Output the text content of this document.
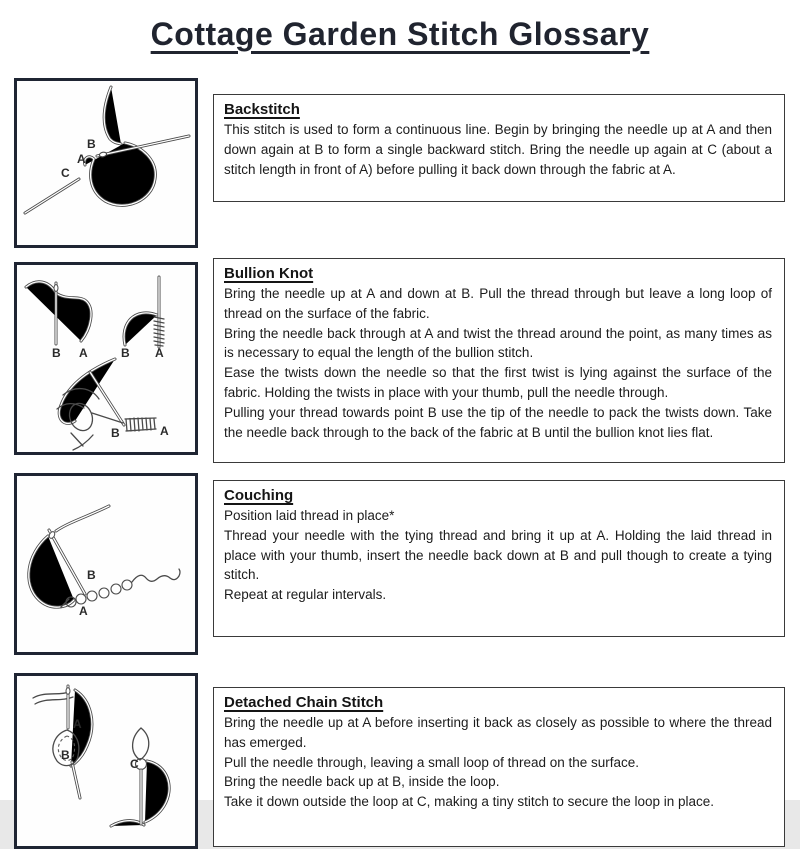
Cottage Garden Stitch Glossary
B
A
C
Backstitch

This stitch is used to form a continuous line. Begin by bringing the needle up at A and then down again at B to form a single backward stitch. Bring the needle up again at C (about a stitch length in front of A) before pulling it back down through the fabric at A.

B A	B A
B	A
Bullion Knot

Bring the needle up at A and down at B. Pull the thread through but leave a long loop of thread on the surface of the fabric.

Bring the needle back through at A and twist the thread around the point, as many times as is necessary to equal the length of the bullion stitch.

Ease the twists down the needle so that the first twist is lying against the surface of the fabric. Holding the twists in place with your thumb, pull the needle through.

Pulling your thread towards point B use the tip of the needle to pack the twists down. Take the needle back through to the back of the fabric at B until the bullion knot lies flat.

B
A
Couching

Position laid thread in place*

Thread your needle with the tying thread and bring it up at A. Holding the laid thread in place with your thumb, insert the needle back down at B and pull though to create a tying stitch.

Repeat at regular intervals.

A
B
C
Detached Chain Stitch

Bring the needle up at A before inserting it back as closely as possible to where the thread has emerged.

Pull the needle through, leaving a small loop of thread on the surface.

Bring the needle back up at B, inside the loop.

Take it down outside the loop at C, making a tiny stitch to secure the loop in place.
